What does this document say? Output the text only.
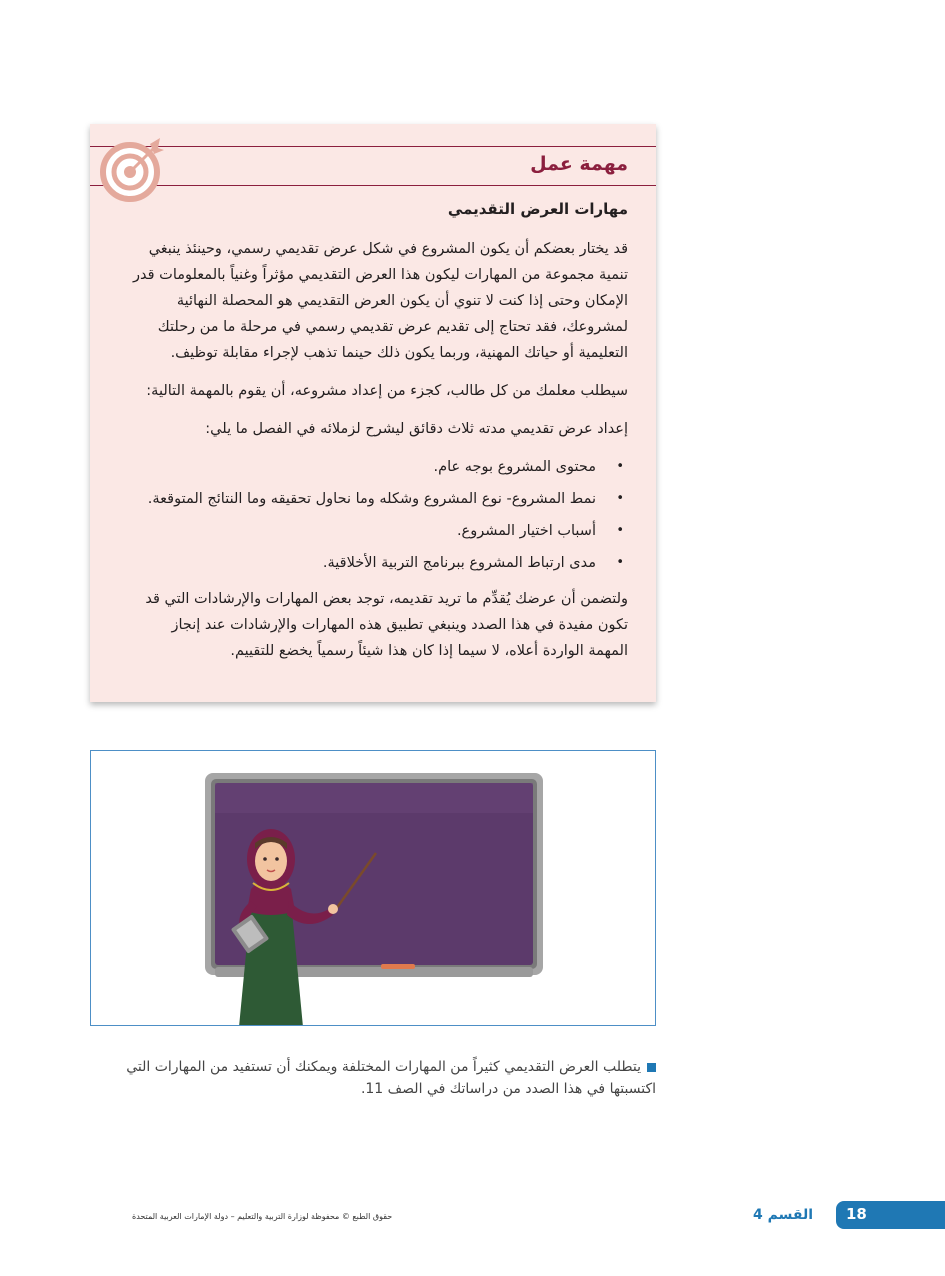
مهمة عمل

مهارات العرض التقديمي

قد يختار بعضكم أن يكون المشروع في شكل عرض تقديمي رسمي، وحينئذ ينبغي تنمية مجموعة من المهارات ليكون هذا العرض التقديمي مؤثراً وغنياً بالمعلومات قدر الإمكان وحتى إذا كنت لا تنوي أن يكون العرض التقديمي هو المحصلة النهائية لمشروعك، فقد تحتاج إلى تقديم عرض تقديمي رسمي في مرحلة ما من رحلتك التعليمية أو حياتك المهنية، وربما يكون ذلك حينما تذهب لإجراء مقابلة توظيف.

سيطلب معلمك من كل طالب، كجزء من إعداد مشروعه، أن يقوم بالمهمة التالية:

إعداد عرض تقديمي مدته ثلاث دقائق ليشرح لزملائه في الفصل ما يلي:

•
محتوى المشروع بوجه عام.
•
نمط المشروع- نوع المشروع وشكله وما نحاول تحقيقه وما النتائج المتوقعة.
•
أسباب اختيار المشروع.
•
مدى ارتباط المشروع ببرنامج التربية الأخلاقية.

ولتضمن أن عرضك يُقدِّم ما تريد تقديمه، توجد بعض المهارات والإرشادات التي قد تكون مفيدة في هذا الصدد وينبغي تطبيق هذه المهارات والإرشادات عند إنجاز المهمة الواردة أعلاه، لا سيما إذا كان هذا شيئاً رسمياً يخضع للتقييم.

يتطلب العرض التقديمي كثيراً من المهارات المختلفة ويمكنك أن تستفيد من المهارات التي اكتسبتها في هذا الصدد من دراساتك في الصف 11.
18
القسم 4
حقوق الطبع © محفوظة لوزارة التربية والتعليم – دولة الإمارات العربية المتحدة
